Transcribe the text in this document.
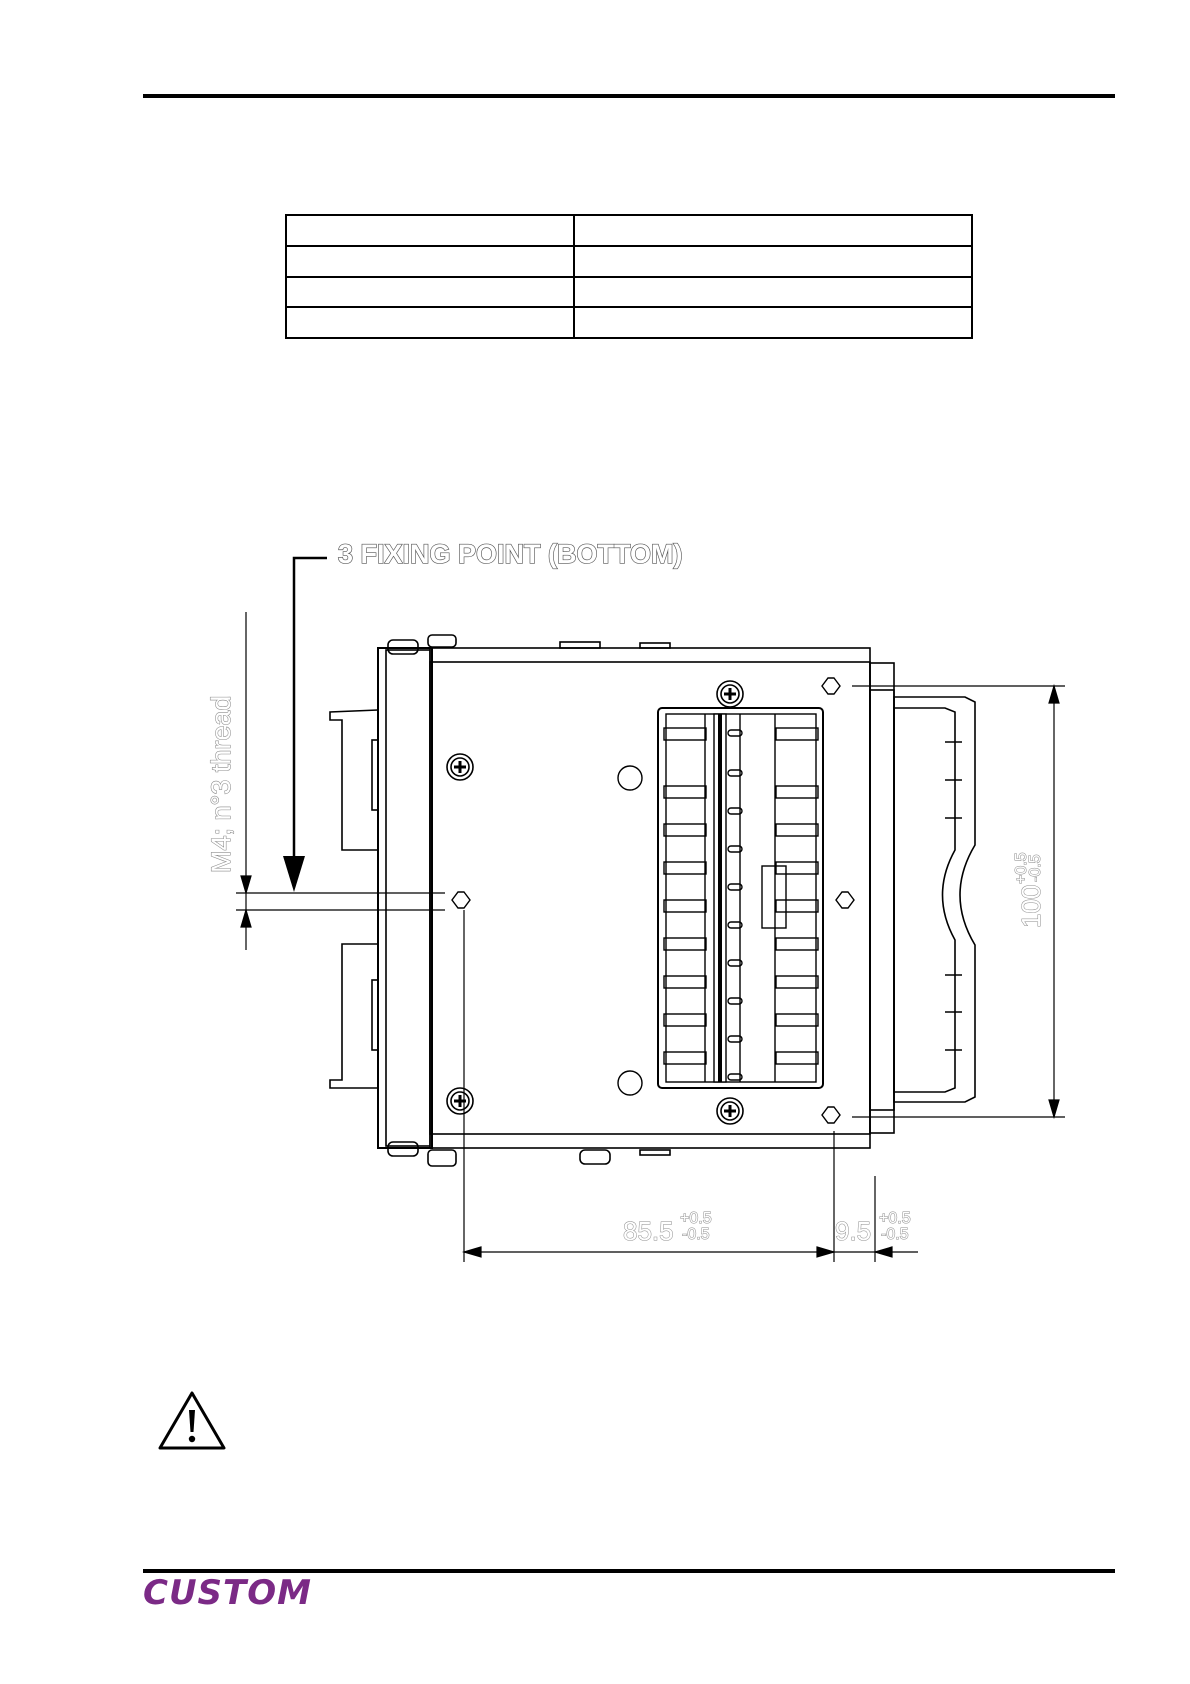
3 FIXING POINT (BOTTOM)
M4; n°3 thread
100
+0.5
-0.5
85.5 +0.5
-0.5	9.5 +0.5
-0.5
CUSTOM
